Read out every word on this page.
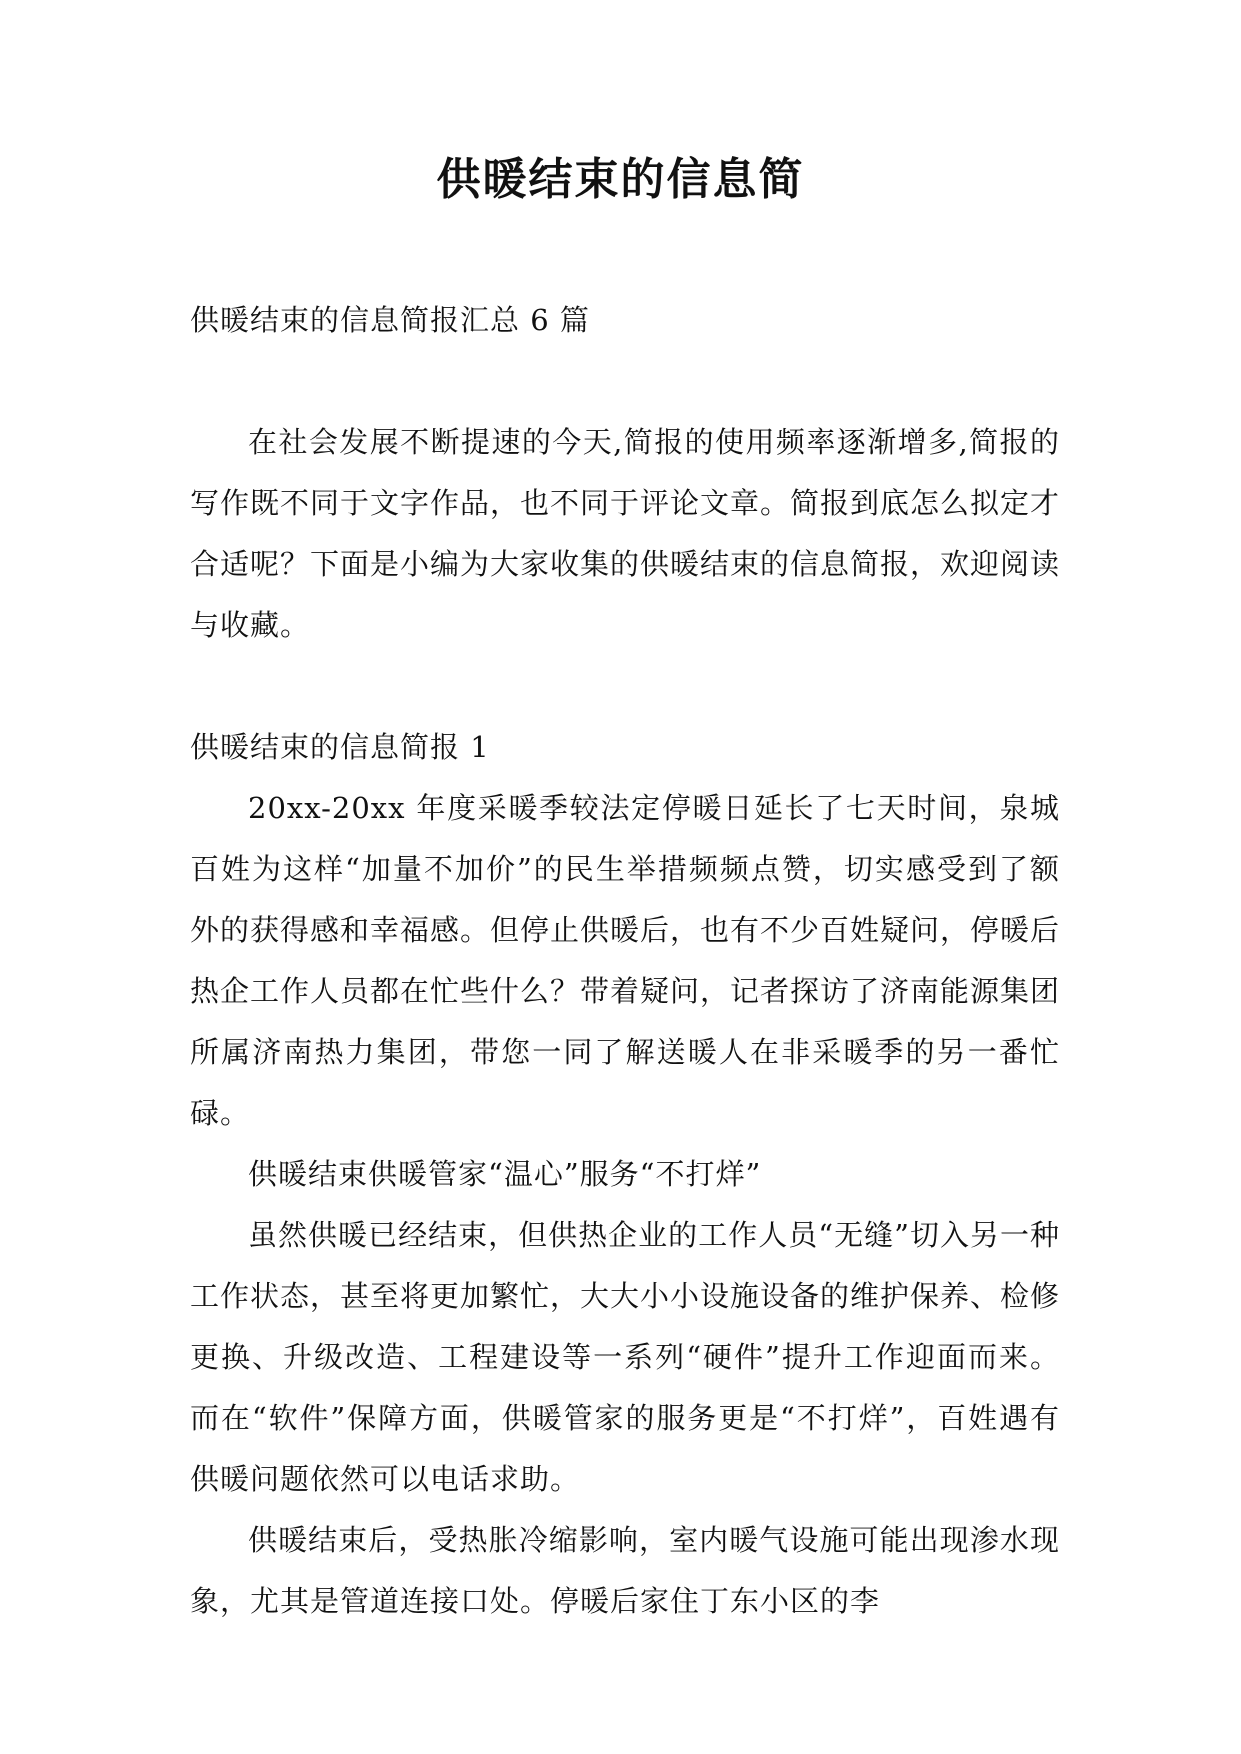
供暖结束的信息简

供暖结束的信息简报汇总 6 篇

在社会发展不断提速的今天,简报的使用频率逐渐增多,简报的写作既不同于文字作品，也不同于评论文章。简报到底怎么拟定才合适呢？下面是小编为大家收集的供暖结束的信息简报，欢迎阅读与收藏。

供暖结束的信息简报 1

20xx-20xx 年度采暖季较法定停暖日延长了七天时间，泉城百姓为这样“加量不加价”的民生举措频频点赞，切实感受到了额外的获得感和幸福感。但停止供暖后，也有不少百姓疑问，停暖后热企工作人员都在忙些什么？带着疑问，记者探访了济南能源集团所属济南热力集团，带您一同了解送暖人在非采暖季的另一番忙碌。

供暖结束供暖管家“温心”服务“不打烊”

虽然供暖已经结束，但供热企业的工作人员“无缝”切入另一种工作状态，甚至将更加繁忙，大大小小设施设备的维护保养、检修更换、升级改造、工程建设等一系列“硬件”提升工作迎面而来。而在“软件”保障方面，供暖管家的服务更是“不打烊”，百姓遇有供暖问题依然可以电话求助。

供暖结束后，受热胀冷缩影响，室内暖气设施可能出现渗水现象，尤其是管道连接口处。停暖后家住丁东小区的李
